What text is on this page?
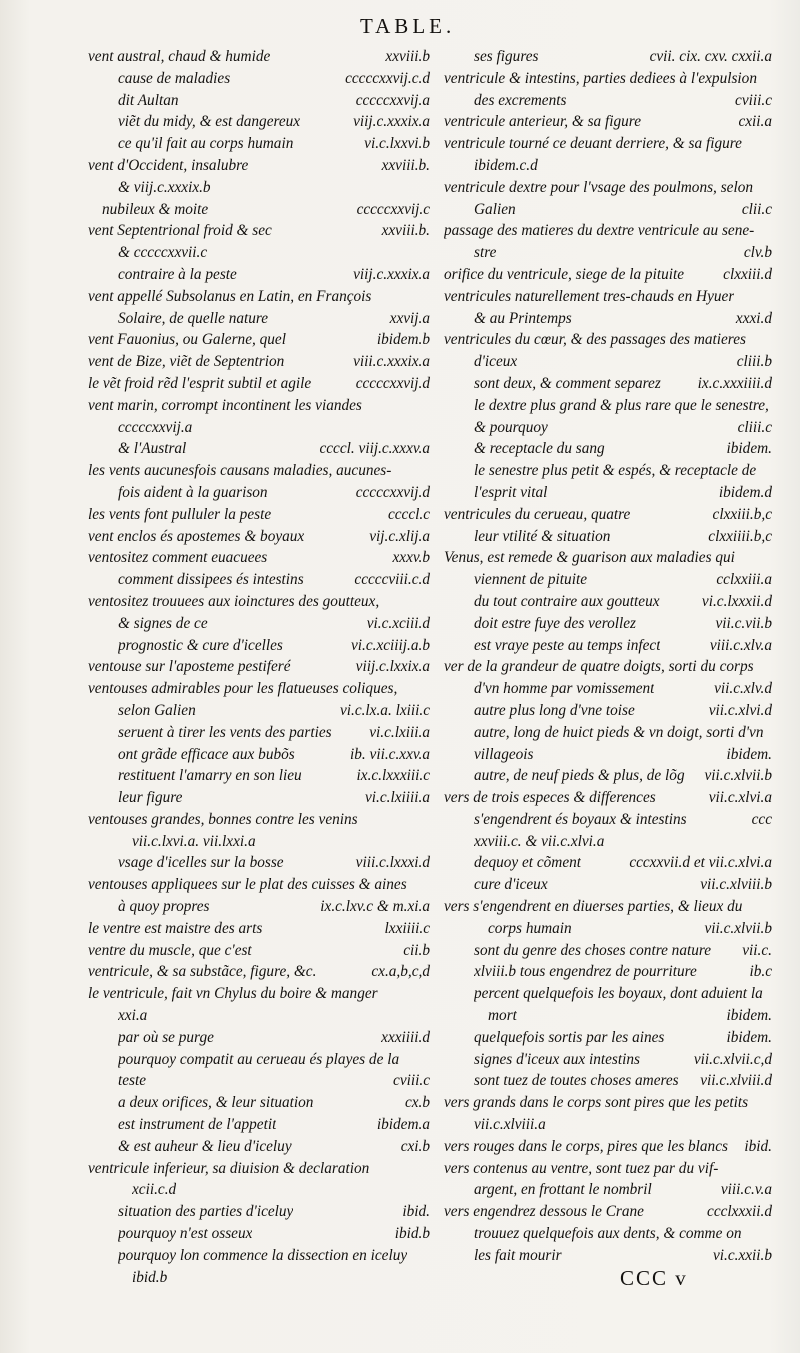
TABLE.
vent austral, chaud & humide	xxviii.b
cause de maladies	cccccxxvij.c.d
dit Aultan	cccccxxvij.a
viẽt du midy, & est dangereux	viij.c.xxxix.a
ce qu'il fait au corps humain	vi.c.lxxvi.b
vent d'Occident, insalubre	xxviii.b.
& viij.c.xxxix.b
nubileux & moite	cccccxxvij.c
vent Septentrional froid & sec	xxviii.b.
& cccccxxvii.c
contraire à la peste	viij.c.xxxix.a
vent appellé Subsolanus en Latin, en François
Solaire, de quelle nature	xxvij.a
vent Fauonius, ou Galerne, quel	ibidem.b
vent de Bize, viẽt de Septentrion	viii.c.xxxix.a
le vẽt froid rẽd l'esprit subtil et agile	cccccxxvij.d
vent marin, corrompt incontinent les viandes
cccccxxvij.a
& l'Austral	ccccl. viij.c.xxxv.a
les vents aucunesfois causans maladies, aucunes-
fois aident à la guarison	cccccxxvij.d
les vents font pulluler la peste	ccccl.c
vent enclos és apostemes & boyaux	vij.c.xlij.a
ventositez comment euacuees	xxxv.b
comment dissipees és intestins	cccccviii.c.d
ventositez trouuees aux ioinctures des goutteux,
& signes de ce	vi.c.xciii.d
prognostic & cure d'icelles	vi.c.xciiij.a.b
ventouse sur l'aposteme pestiferé	viij.c.lxxix.a
ventouses admirables pour les flatueuses coliques,
selon Galien	vi.c.lx.a. lxiii.c
seruent à tirer les vents des parties	vi.c.lxiii.a
ont grãde efficace aux bubõs	ib. vii.c.xxv.a
restituent l'amarry en son lieu	ix.c.lxxxiii.c
leur figure	vi.c.lxiiii.a
ventouses grandes, bonnes contre les venins
vii.c.lxvi.a. vii.lxxi.a
vsage d'icelles sur la bosse	viii.c.lxxxi.d
ventouses appliquees sur le plat des cuisses & aines
à quoy propres	ix.c.lxv.c & m.xi.a
le ventre est maistre des arts	lxxiiii.c
ventre du muscle, que c'est	cii.b
ventricule, & sa substãce, figure, &c.	cx.a,b,c,d
le ventricule, fait vn Chylus du boire & manger
xxi.a
par où se purge	xxxiiii.d
pourquoy compatit au cerueau és playes de la
teste	cviii.c
a deux orifices, & leur situation	cx.b
est instrument de l'appetit	ibidem.a
& est auheur & lieu d'iceluy	cxi.b
ventricule inferieur, sa diuision & declaration
xcii.c.d
situation des parties d'iceluy	ibid.
pourquoy n'est osseux	ibid.b
pourquoy lon commence la dissection en iceluy
ibid.b
ses figures	cvii. cix. cxv. cxxii.a
ventricule & intestins, parties dediees à l'expulsion
des excrements	cviii.c
ventricule anterieur, & sa figure	cxii.a
ventricule tourné ce deuant derriere, & sa figure
ibidem.c.d
ventricule dextre pour l'vsage des poulmons, selon
Galien	clii.c
passage des matieres du dextre ventricule au sene-
stre	clv.b
orifice du ventricule, siege de la pituite	clxxiii.d
ventricules naturellement tres-chauds en Hyuer
& au Printemps	xxxi.d
ventricules du cœur, & des passages des matieres
d'iceux	cliii.b
sont deux, & comment separez	ix.c.xxxiiii.d
le dextre plus grand & plus rare que le senestre,
& pourquoy	cliii.c
& receptacle du sang	ibidem.
le senestre plus petit & espés, & receptacle de
l'esprit vital	ibidem.d
ventricules du cerueau, quatre	clxxiii.b,c
leur vtilité & situation	clxxiiii.b,c
Venus, est remede & guarison aux maladies qui
viennent de pituite	cclxxiii.a
du tout contraire aux goutteux	vi.c.lxxxii.d
doit estre fuye des verollez	vii.c.vii.b
est vraye peste au temps infect	viii.c.xlv.a
ver de la grandeur de quatre doigts, sorti du corps
d'vn homme par vomissement	vii.c.xlv.d
autre plus long d'vne toise	vii.c.xlvi.d
autre, long de huict pieds & vn doigt, sorti d'vn
villageois	ibidem.
autre, de neuf pieds & plus, de lõg	vii.c.xlvii.b
vers de trois especes & differences	vii.c.xlvi.a
s'engendrent és boyaux & intestins	ccc
xxviii.c. & vii.c.xlvi.a
dequoy et cõment	cccxxvii.d et vii.c.xlvi.a
cure d'iceux	vii.c.xlviii.b
vers s'engendrent en diuerses parties, & lieux du
corps humain	vii.c.xlvii.b
sont du genre des choses contre nature	vii.c.
xlviii.b tous engendrez de pourriture	ib.c
percent quelquefois les boyaux, dont aduient la
mort	ibidem.
quelquefois sortis par les aines	ibidem.
signes d'iceux aux intestins	vii.c.xlvii.c,d
sont tuez de toutes choses ameres	vii.c.xlviii.d
vers grands dans le corps sont pires que les petits
vii.c.xlviii.a
vers rouges dans le corps, pires que les blancs	ibid.
vers contenus au ventre, sont tuez par du vif-
argent, en frottant le nombril	viii.c.v.a
vers engendrez dessous le Crane	ccclxxxii.d
trouuez quelquefois aux dents, & comme on
les fait mourir	vi.c.xxii.b
CCC v
